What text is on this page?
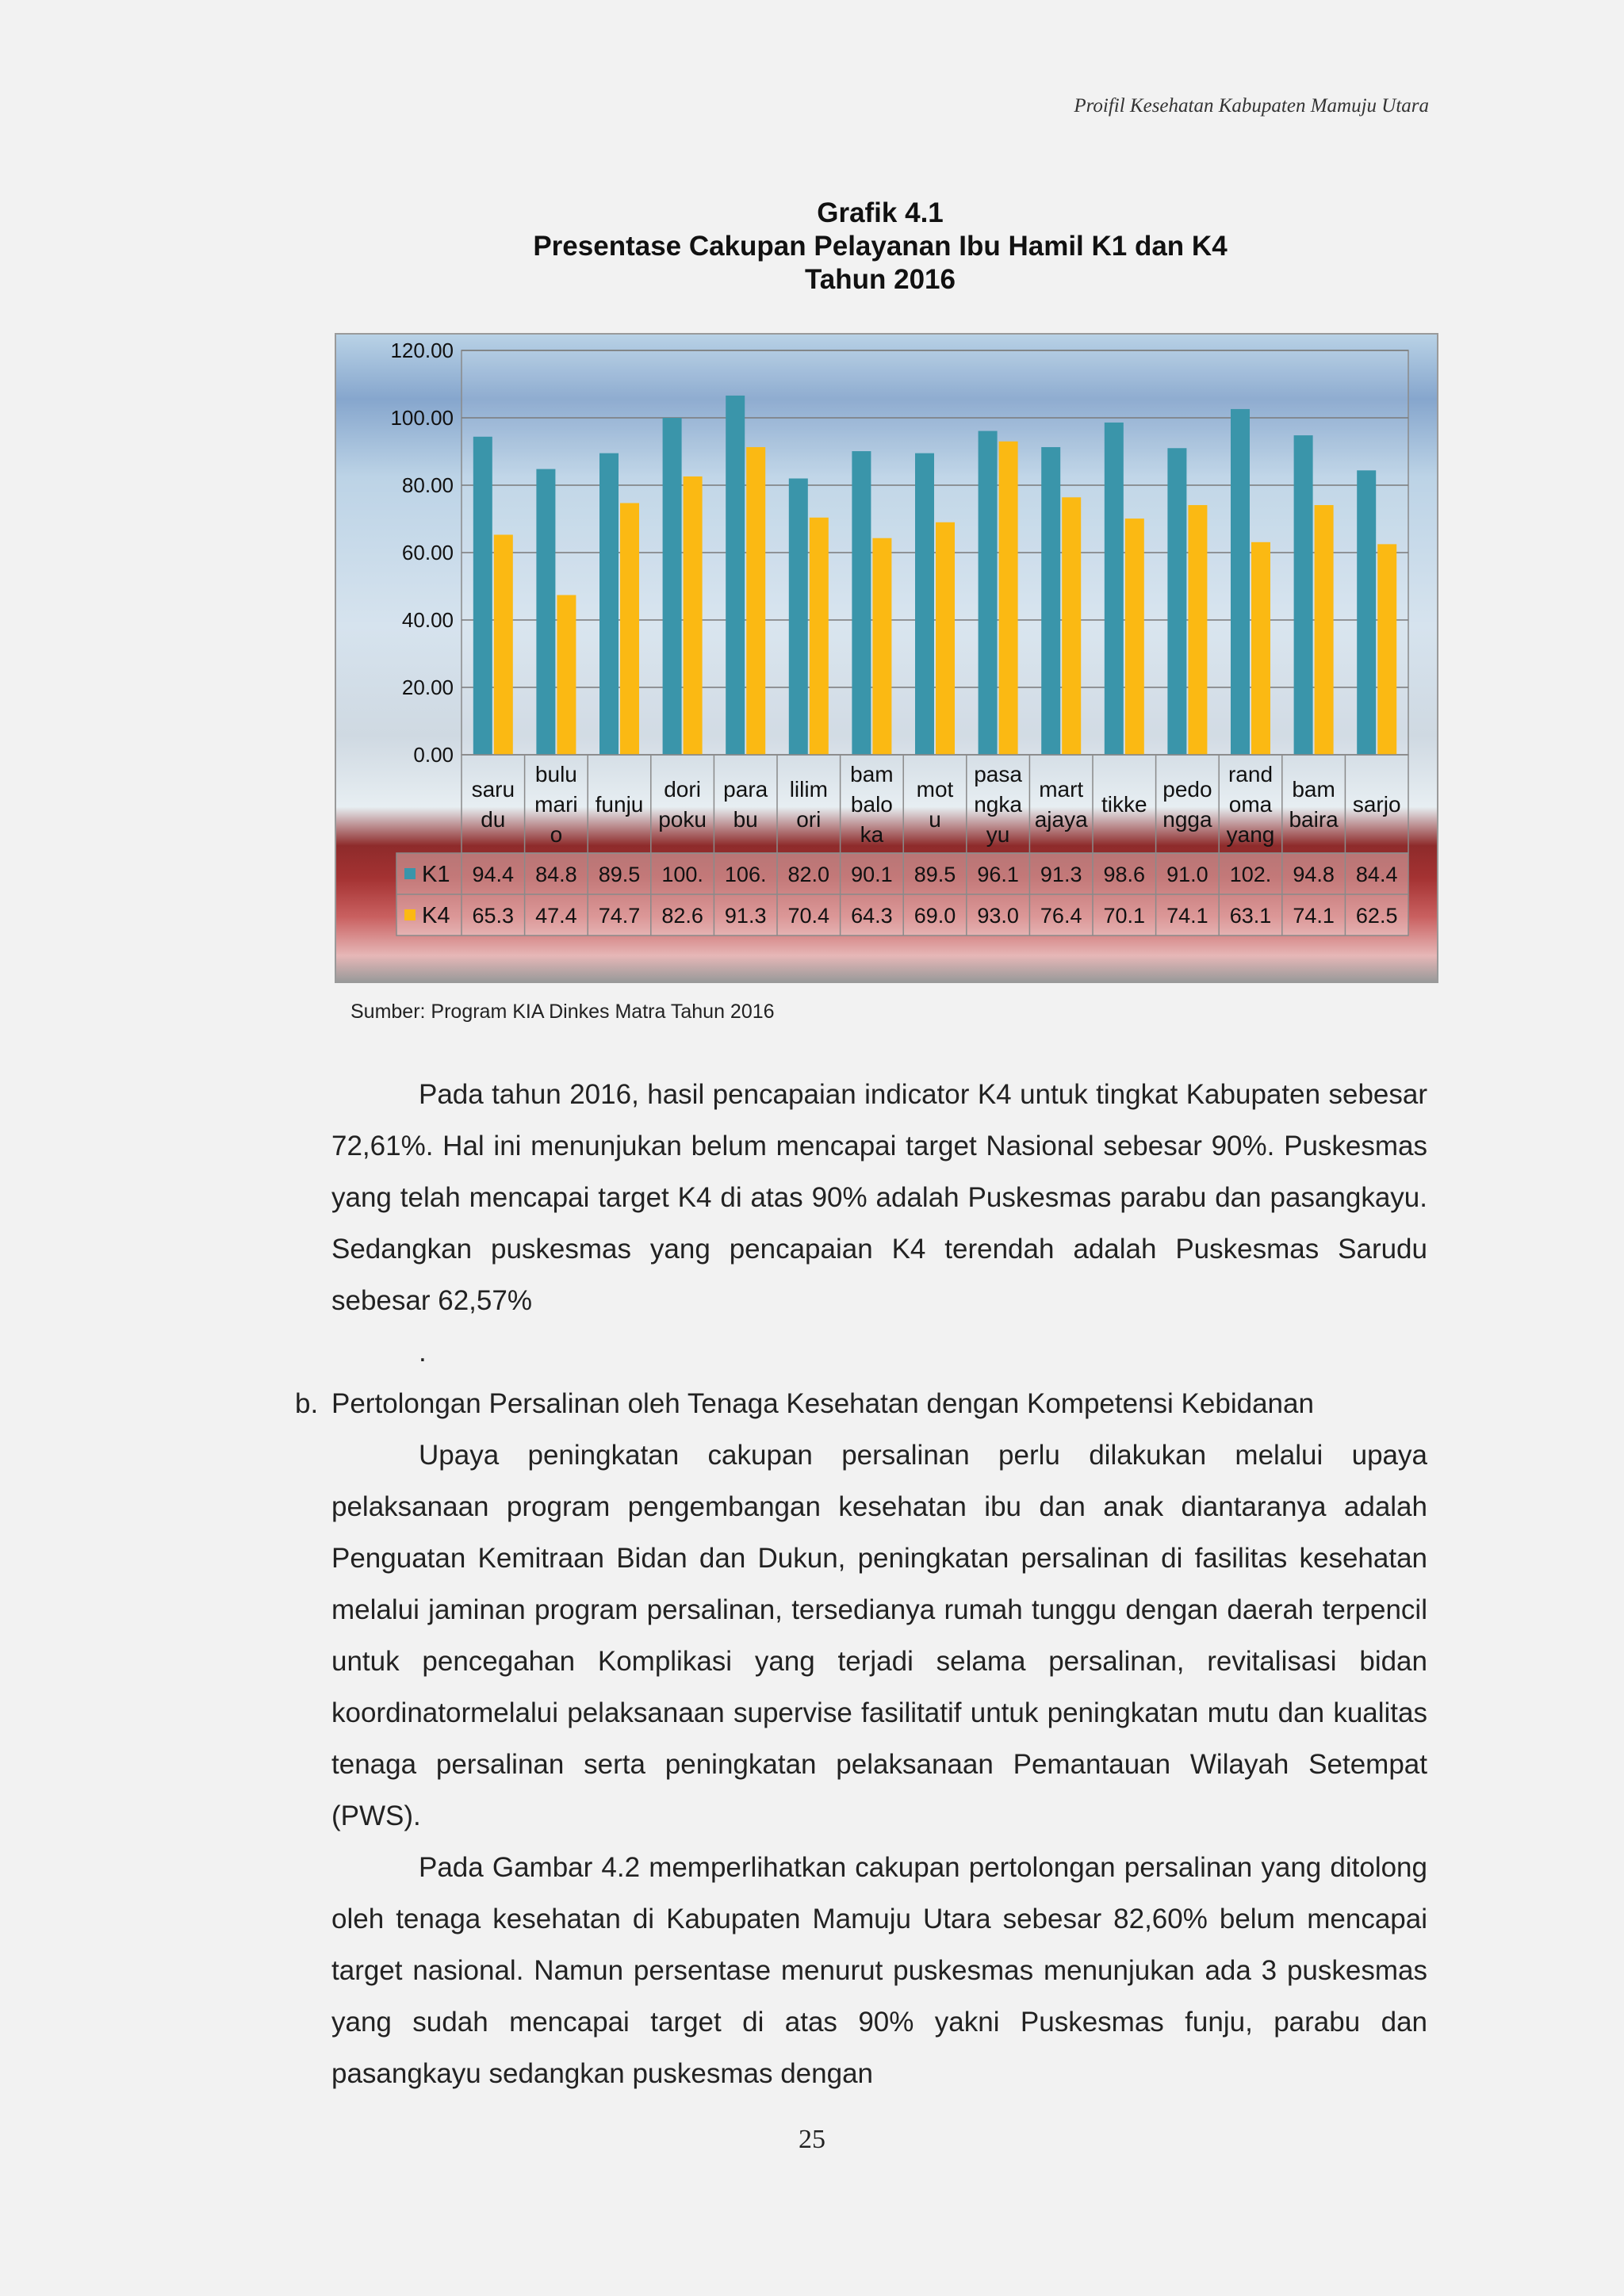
Proifil Kesehatan Kabupaten Mamuju Utara
Grafik 4.1
Presentase Cakupan Pelayanan Ibu Hamil K1 dan K4
Tahun 2016
0.00
20.00
40.00
60.00
80.00
100.00
120.00
saru
du
bulu
mari
o
funju
dori
poku
para
bu
lilim
ori
bam
balo
ka
mot
u
pasa
ngka
yu
mart
ajaya
tikke
pedo
ngga
rand
oma
yang
bam
baira
sarjo
K1 94.4 84.8 89.5 100. 106. 82.0 90.1 89.5 96.1 91.3 98.6 91.0 102. 94.8 84.4
K4 65.3 47.4 74.7 82.6 91.3 70.4 64.3 69.0 93.0 76.4 70.1 74.1 63.1 74.1 62.5
Sumber: Program KIA Dinkes Matra Tahun 2016

Pada tahun 2016, hasil pencapaian indicator K4 untuk tingkat Kabupaten sebesar 72,61%. Hal ini menunjukan belum mencapai target Nasional sebesar 90%. Puskesmas yang telah mencapai target K4 di atas 90% adalah Puskesmas parabu dan pasangkayu. Sedangkan puskesmas yang pencapaian K4 terendah adalah Puskesmas Sarudu sebesar 62,57%

.

b. Pertolongan Persalinan oleh Tenaga Kesehatan dengan Kompetensi Kebidanan

Upaya peningkatan cakupan persalinan perlu dilakukan melalui upaya pelaksanaan program pengembangan kesehatan ibu dan anak diantaranya adalah Penguatan Kemitraan Bidan dan Dukun, peningkatan persalinan di fasilitas kesehatan melalui jaminan program persalinan, tersedianya rumah tunggu dengan daerah terpencil untuk pencegahan Komplikasi yang terjadi selama persalinan, revitalisasi bidan koordinatormelalui pelaksanaan supervise fasilitatif untuk peningkatan mutu dan kualitas tenaga persalinan serta peningkatan pelaksanaan Pemantauan Wilayah Setempat (PWS).

Pada Gambar 4.2 memperlihatkan cakupan pertolongan persalinan yang ditolong oleh tenaga kesehatan di Kabupaten Mamuju Utara sebesar 82,60% belum mencapai target nasional. Namun persentase menurut puskesmas menunjukan ada 3 puskesmas yang sudah mencapai target di atas 90% yakni Puskesmas funju, parabu dan pasangkayu sedangkan puskesmas dengan

25
